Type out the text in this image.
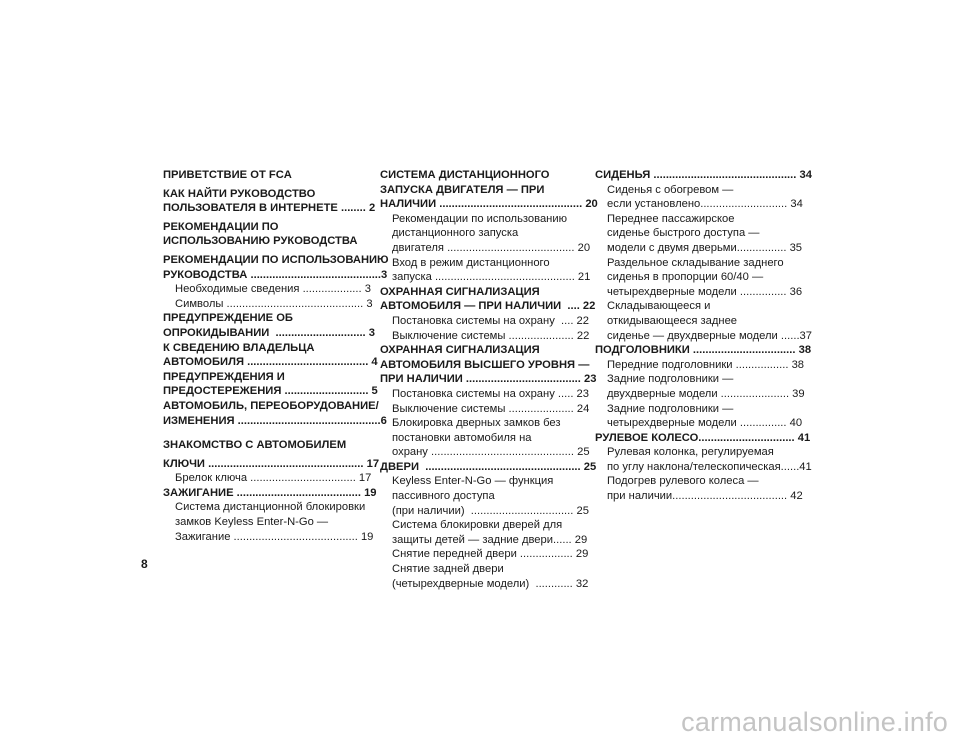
ПРИВЕТСТВИЕ ОТ FCA
КАК НАЙТИ РУКОВОДСТВО
ПОЛЬЗОВАТЕЛЯ В ИНТЕРНЕТЕ ........ 2
РЕКОМЕНДАЦИИ ПО
ИСПОЛЬЗОВАНИЮ РУКОВОДСТВА
РЕКОМЕНДАЦИИ ПО ИСПОЛЬЗОВАНИЮ
РУКОВОДСТВА ..........................................3
Необходимые сведения ................... 3
Символы ............................................ 3
ПРЕДУПРЕЖДЕНИЕ ОБ
ОПРОКИДЫВАНИИ  ............................. 3
К СВЕДЕНИЮ ВЛАДЕЛЬЦА
АВТОМОБИЛЯ ....................................... 4
ПРЕДУПРЕЖДЕНИЯ И
ПРЕДОСТЕРЕЖЕНИЯ ........................... 5
АВТОМОБИЛЬ, ПЕРЕОБОРУДОВАНИЕ/
ИЗМЕНЕНИЯ ..............................................6
ЗНАКОМСТВО С АВТОМОБИЛЕМ
КЛЮЧИ .................................................. 17
Брелок ключа .................................. 17
ЗАЖИГАНИЕ ........................................ 19
Система дистанционной блокировки
замков Keyless Enter-N-Go —
Зажигание ........................................ 19
СИСТЕМА ДИСТАНЦИОННОГО
ЗАПУСКА ДВИГАТЕЛЯ — ПРИ
НАЛИЧИИ .............................................. 20
Рекомендации по использованию
дистанционного запуска
двигателя ......................................... 20
Вход в режим дистанционного
запуска ............................................. 21
ОХРАННАЯ СИГНАЛИЗАЦИЯ
АВТОМОБИЛЯ — ПРИ НАЛИЧИИ  .... 22
Постановка системы на охрану  .... 22
Выключение системы ..................... 22
ОХРАННАЯ СИГНАЛИЗАЦИЯ
АВТОМОБИЛЯ ВЫСШЕГО УРОВНЯ —
ПРИ НАЛИЧИИ ..................................... 23
Постановка системы на охрану ..... 23
Выключение системы ..................... 24
Блокировка дверных замков без
постановки автомобиля на
охрану .............................................. 25
ДВЕРИ  .................................................. 25
Keyless Enter-N-Go — функция
пассивного доступа
(при наличии)  ................................. 25
Система блокировки дверей для
защиты детей — задние двери...... 29
Снятие передней двери ................. 29
Снятие задней двери
(четырехдверные модели)  ............ 32
СИДЕНЬЯ .............................................. 34
Сиденья с обогревом —
если установлено............................ 34
Переднее пассажирское
сиденье быстрого доступа —
модели с двумя дверьми................ 35
Раздельное складывание заднего
сиденья в пропорции 60/40 —
четырехдверные модели ............... 36
Складывающееся и
откидывающееся заднее
сиденье — двухдверные модели ......37
ПОДГОЛОВНИКИ ................................. 38
Передние подголовники ................. 38
Задние подголовники —
двухдверные модели ...................... 39
Задние подголовники —
четырехдверные модели ............... 40
РУЛЕВОЕ КОЛЕСО............................... 41
Рулевая колонка, регулируемая
по углу наклона/телескопическая......41
Подогрев рулевого колеса —
при наличии..................................... 42
8
carmanualsonline.info
